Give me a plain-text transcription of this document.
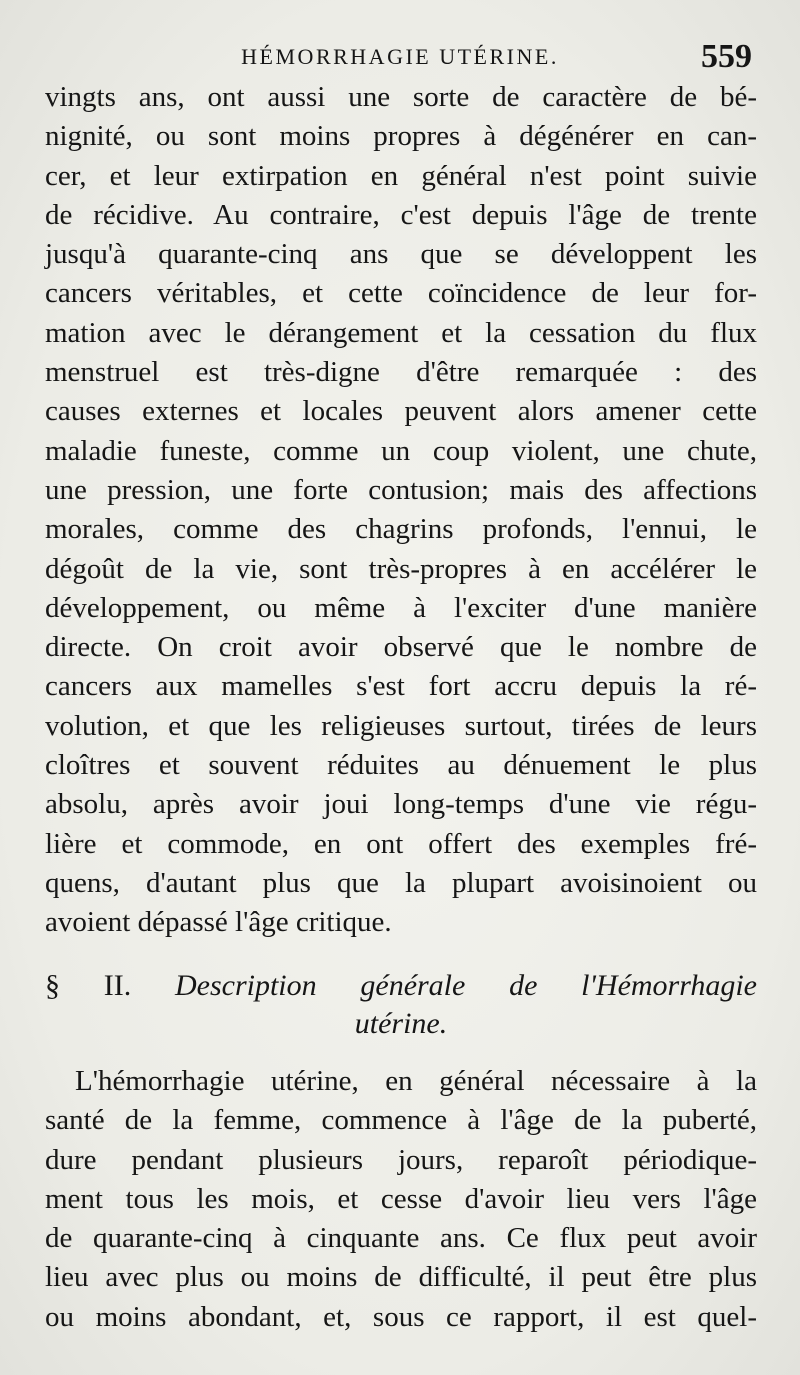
HÉMORRHAGIE UTÉRINE.	559
vingts ans, ont aussi une sorte de caractère de bé-
nignité, ou sont moins propres à dégénérer en can-
cer, et leur extirpation en général n'est point suivie
de récidive. Au contraire, c'est depuis l'âge de trente
jusqu'à quarante-cinq ans que se développent les
cancers véritables, et cette coïncidence de leur for-
mation avec le dérangement et la cessation du flux
menstruel est très-digne d'être remarquée : des
causes externes et locales peuvent alors amener cette
maladie funeste, comme un coup violent, une chute,
une pression, une forte contusion; mais des affections
morales, comme des chagrins profonds, l'ennui, le
dégoût de la vie, sont très-propres à en accélérer le
développement, ou même à l'exciter d'une manière
directe. On croit avoir observé que le nombre de
cancers aux mamelles s'est fort accru depuis la ré-
volution, et que les religieuses surtout, tirées de leurs
cloîtres et souvent réduites au dénuement le plus
absolu, après avoir joui long-temps d'une vie régu-
lière et commode, en ont offert des exemples fré-
quens, d'autant plus que la plupart avoisinoient ou
avoient dépassé l'âge critique.
§ II. Description générale de l'Hémorrhagie
utérine.
L'hémorrhagie utérine, en général nécessaire à la
santé de la femme, commence à l'âge de la puberté,
dure pendant plusieurs jours, reparoît périodique-
ment tous les mois, et cesse d'avoir lieu vers l'âge
de quarante-cinq à cinquante ans. Ce flux peut avoir
lieu avec plus ou moins de difficulté, il peut être plus
ou moins abondant, et, sous ce rapport, il est quel-
